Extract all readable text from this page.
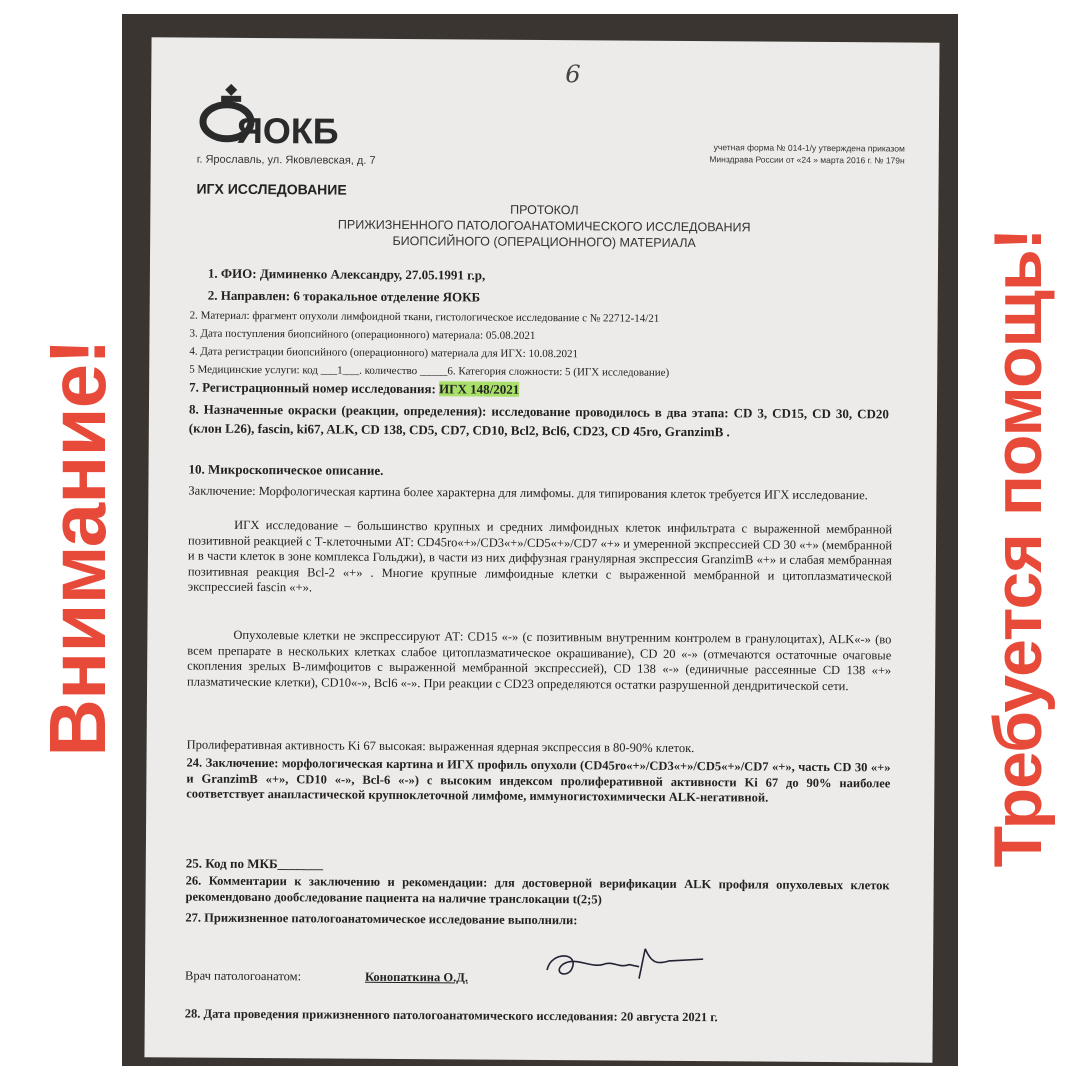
6
ЯОКБ
г. Ярославль, ул. Яковлевская, д. 7
учетная форма № 014-1/у утверждена приказом
Минздрава России от «24 » марта 2016 г. № 179н
ИГХ ИССЛЕДОВАНИЕ
ПРОТОКОЛ
ПРИЖИЗНЕННОГО ПАТОЛОГОАНАТОМИЧЕСКОГО ИССЛЕДОВАНИЯ
БИОПСИЙНОГО (ОПЕРАЦИОННОГО) МАТЕРИАЛА
1. ФИО: Диминенко Александру, 27.05.1991 г.р,
2. Направлен: 6 торакальное отделение ЯОКБ
2. Материал: фрагмент опухоли лимфоидной ткани, гистологическое исследование с № 22712-14/21
3. Дата поступления биопсийного (операционного) материала: 05.08.2021
4. Дата регистрации биопсийного (операционного) материала для ИГХ: 10.08.2021
5 Медицинские услуги: код ___1___. количество _____6. Категория сложности: 5 (ИГХ исследование)
7. Регистрационный номер исследования: ИГХ 148/2021
8. Назначенные окраски (реакции, определения): исследование проводилось в два этапа: CD 3, CD15, CD 30, CD20 (клон L26), fascin, ki67, ALK, CD 138, CD5, CD7, CD10, Bcl2, Bcl6, CD23, CD 45ro, GranzimB .
10. Микроскопическое описание.
Заключение: Морфологическая картина более характерна для лимфомы. для типирования клеток требуется ИГХ исследование.
ИГХ исследование – большинство крупных и средних лимфоидных клеток инфильтрата с выраженной мембранной позитивной реакцией с Т-клеточными АТ: CD45ro«+»/CD3«+»/CD5«+»/CD7 «+» и умеренной экспрессией CD 30 «+» (мембранной и в части клеток в зоне комплекса Гольджи), в части из них диффузная гранулярная экспрессия GranzimB «+» и слабая мембранная позитивная реакция Bcl-2 «+» . Многие крупные лимфоидные клетки с выраженной мембранной и цитоплазматической экспрессией fascin «+».
Опухолевые клетки не экспрессируют АТ: CD15 «-» (с позитивным внутренним контролем в гранулоцитах), ALK«-» (во всем препарате в нескольких клетках слабое цитоплазматическое окрашивание), CD 20 «-» (отмечаются остаточные очаговые скопления зрелых В-лимфоцитов с выраженной мембранной экспрессией), CD 138 «-» (единичные рассеянные CD 138 «+» плазматические клетки), CD10«-», Bcl6 «-». При реакции с CD23 определяются остатки разрушенной дендритической сети.
Пролиферативная активность Ki 67 высокая: выраженная ядерная экспрессия в 80-90% клеток.
24. Заключение: морфологическая картина и ИГХ профиль опухоли (CD45ro«+»/CD3«+»/CD5«+»/CD7 «+», часть CD 30 «+» и GranzimB «+», CD10 «-», Bcl-6 «-») с высоким индексом пролиферативной активности Ki 67 до 90% наиболее соответствует анапластической крупноклеточной лимфоме, иммуногистохимически ALK-негативной.
25. Код по МКБ_______
26. Комментарии к заключению и рекомендации: для достоверной верификации ALK профиля опухолевых клеток рекомендовано дообследование пациента на наличие транслокации t(2;5)
27. Прижизненное патологоанатомическое исследование выполнили:
Врач патологоанатом:	Конопаткина О.Д.
28. Дата проведения прижизненного патологоанатомического исследования: 20 августа 2021 г.
Внимание!	Требуется помощь!
